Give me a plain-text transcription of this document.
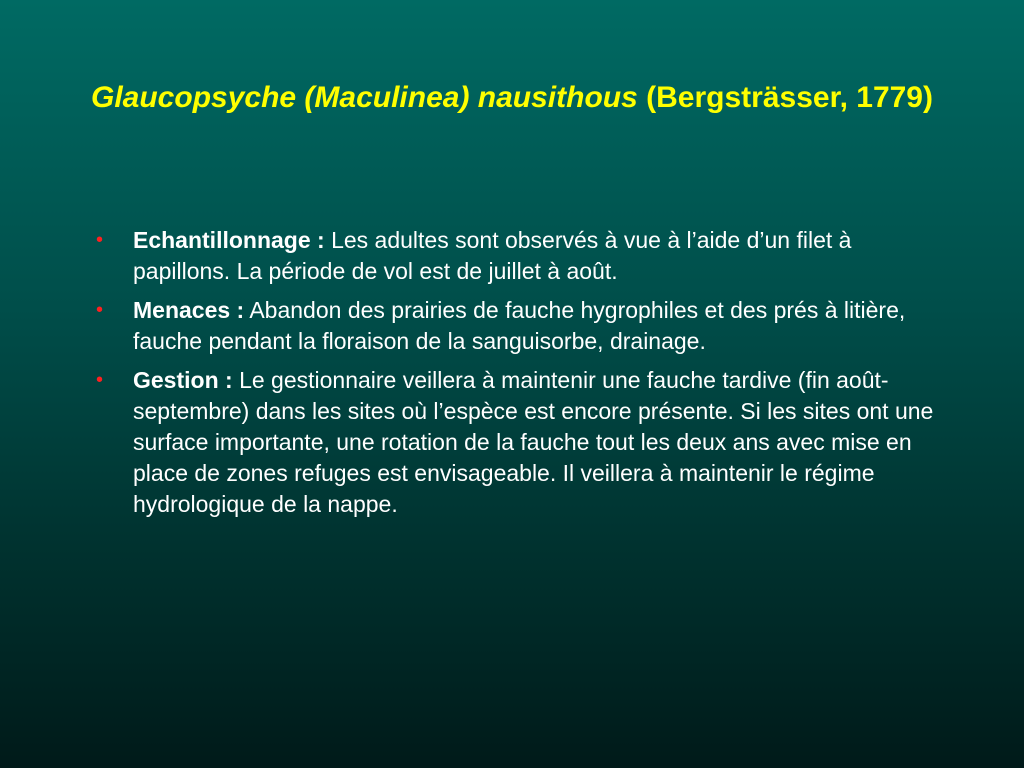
Glaucopsyche (Maculinea) nausithous (Bergsträsser, 1779)
• Echantillonnage : Les adultes sont observés à vue à l’aide d’un filet à papillons. La période de vol est de juillet à août.
• Menaces : Abandon des prairies de fauche hygrophiles et des prés à litière, fauche pendant la floraison de la sanguisorbe, drainage.
• Gestion : Le gestionnaire veillera à maintenir une fauche tardive (fin août-septembre) dans les sites où l’espèce est encore présente. Si les sites ont une surface importante, une rotation de la fauche tout les deux ans avec mise en place de zones refuges est envisageable. Il veillera à maintenir le régime hydrologique de la nappe.
